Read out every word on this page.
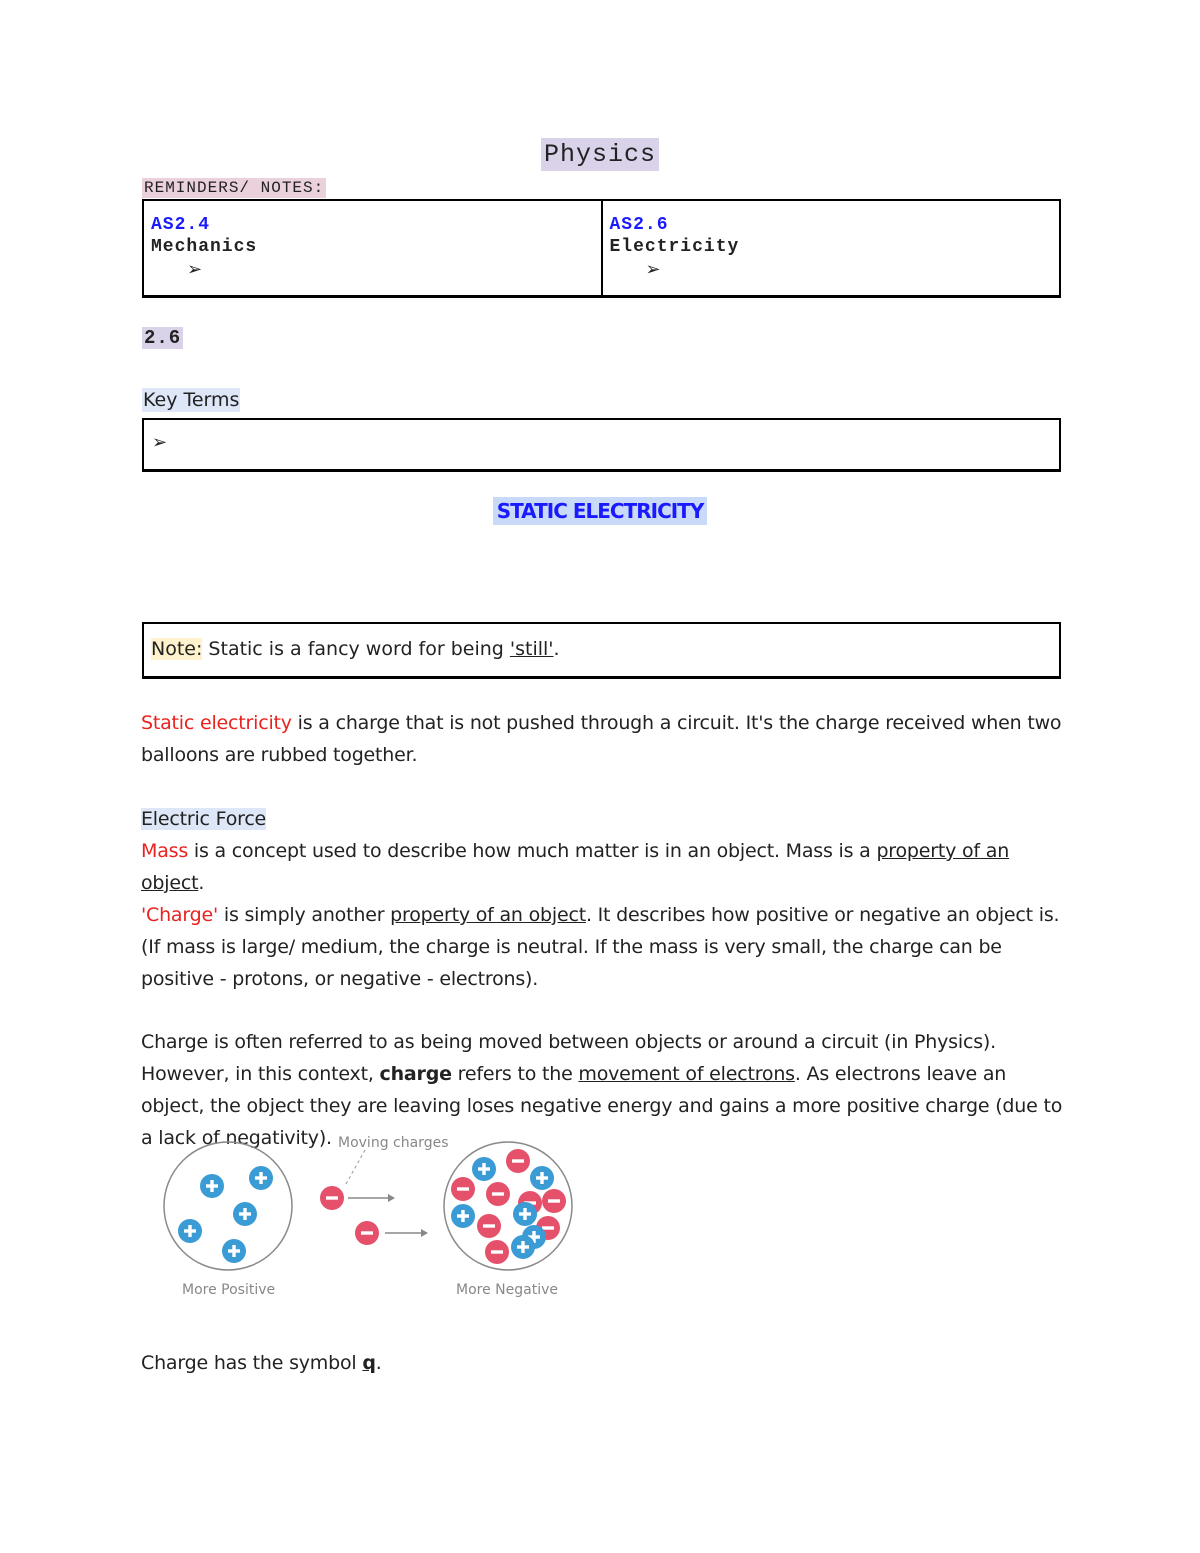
Physics
REMINDERS/ NOTES:
AS2.4
Mechanics
➢

AS2.6
Electricity
➢
2.6
Key Terms
➢
STATIC ELECTRICITY
Note: Static is a fancy word for being 'still'.
Static electricity is a charge that is not pushed through a circuit. It's the charge received when two balloons are rubbed together.
Electric Force
Mass is a concept used to describe how much matter is in an object. Mass is a property of an object.
'Charge' is simply another property of an object. It describes how positive or negative an object is. (If mass is large/ medium, the charge is neutral. If the mass is very small, the charge can be positive - protons, or negative - electrons).
Charge is often referred to as being moved between objects or around a circuit (in Physics). However, in this context, charge refers to the movement of electrons. As electrons leave an object, the object they are leaving loses negative energy and gains a more positive charge (due to a lack of negativity). Moving charges
More Positive	More Negative
Charge has the symbol q.
